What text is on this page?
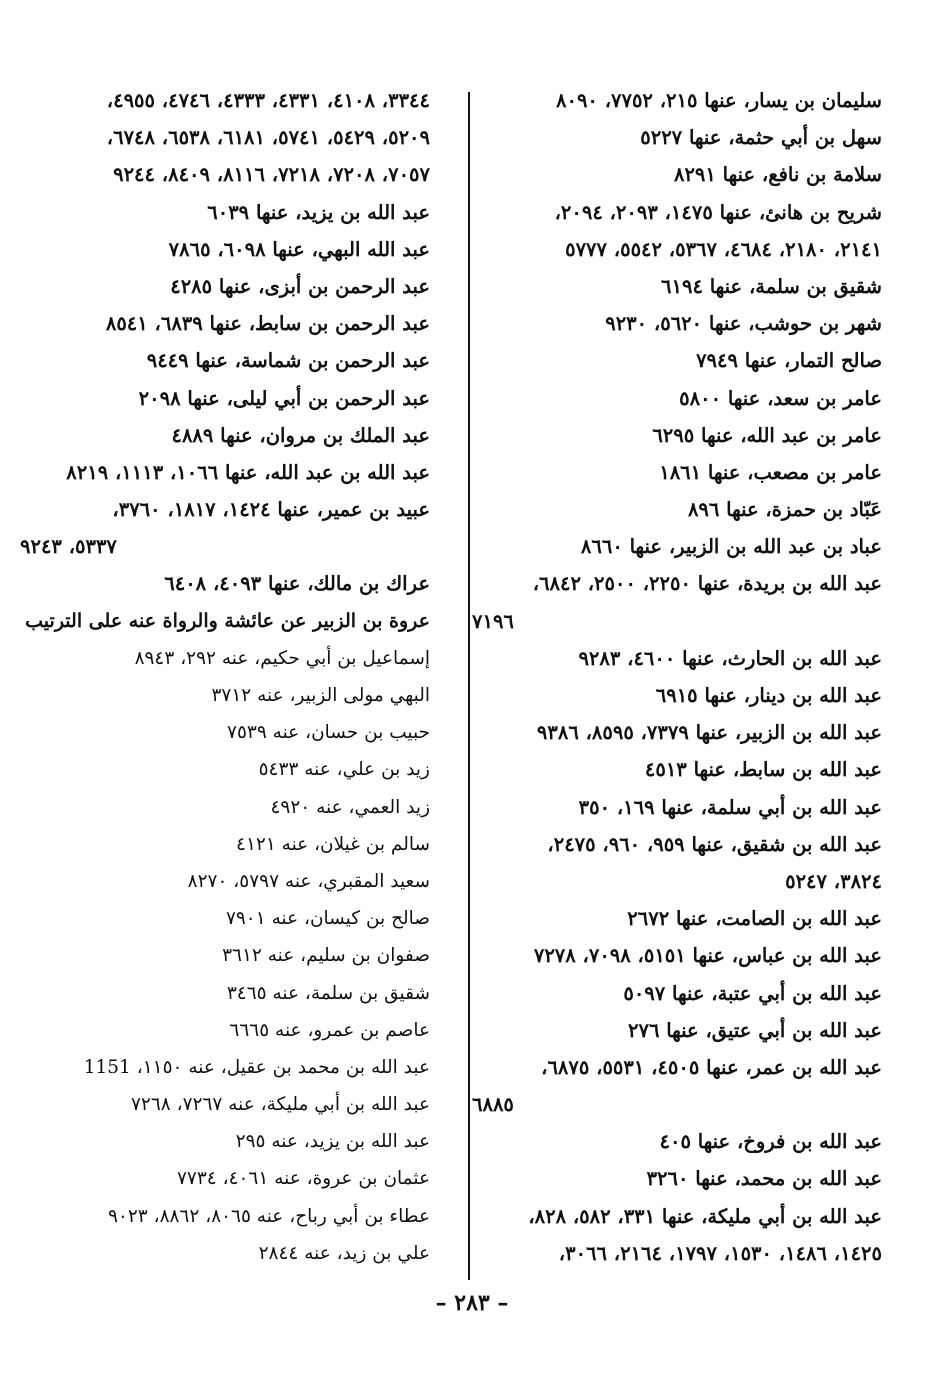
سليمان بن يسار، عنها ٢١٥، ٧٧٥٢، ٨٠٩٠
سهل بن أبي حثمة، عنها ٥٢٢٧
سلامة بن نافع، عنها ٨٢٩١
شريح بن هانئ، عنها ١٤٧٥، ٢٠٩٣، ٢٠٩٤،
٢١٤١، ٢١٨٠، ٤٦٨٤، ٥٣٦٧، ٥٥٤٢، ٥٧٧٧
شقيق بن سلمة، عنها ٦١٩٤
شهر بن حوشب، عنها ٥٦٢٠، ٩٢٣٠
صالح التمار، عنها ٧٩٤٩
عامر بن سعد، عنها ٥٨٠٠
عامر بن عبد الله، عنها ٦٢٩٥
عامر بن مصعب، عنها ١٨٦١
عَبّاد بن حمزة، عنها ٨٩٦
عباد بن عبد الله بن الزبير، عنها ٨٦٦٠
عبد الله بن بريدة، عنها ٢٢٥٠، ٢٥٠٠، ٦٨٤٢،
٧١٩٦
عبد الله بن الحارث، عنها ٤٦٠٠، ٩٢٨٣
عبد الله بن دينار، عنها ٦٩١٥
عبد الله بن الزبير، عنها ٧٣٧٩، ٨٥٩٥، ٩٣٨٦
عبد الله بن سابط، عنها ٤٥١٣
عبد الله بن أبي سلمة، عنها ١٦٩، ٣٥٠
عبد الله بن شقيق، عنها ٩٥٩، ٩٦٠، ٢٤٧٥،
٣٨٢٤، ٥٢٤٧
عبد الله بن الصامت، عنها ٢٦٧٢
عبد الله بن عباس، عنها ٥١٥١، ٧٠٩٨، ٧٢٧٨
عبد الله بن أبي عتبة، عنها ٥٠٩٧
عبد الله بن أبي عتيق، عنها ٢٧٦
عبد الله بن عمر، عنها ٤٥٠٥، ٥٥٣١، ٦٨٧٥،
٦٨٨٥
عبد الله بن فروخ، عنها ٤٠٥
عبد الله بن محمد، عنها ٣٢٦٠
عبد الله بن أبي مليكة، عنها ٣٣١، ٥٨٢، ٨٢٨،
١٤٢٥، ١٤٨٦، ١٥٣٠، ١٧٩٧، ٢١٦٤، ٣٠٦٦،
٣٣٤٤، ٤١٠٨، ٤٣٣١، ٤٣٣٣، ٤٧٤٦، ٤٩٥٥،
٥٢٠٩، ٥٤٢٩، ٥٧٤١، ٦١٨١، ٦٥٣٨، ٦٧٤٨،
٧٠٥٧، ٧٢٠٨، ٧٢١٨، ٨١١٦، ٨٤٠٩، ٩٢٤٤
عبد الله بن يزيد، عنها ٦٠٣٩
عبد الله البهي، عنها ٦٠٩٨، ٧٨٦٥
عبد الرحمن بن أبزى، عنها ٤٢٨٥
عبد الرحمن بن سابط، عنها ٦٨٣٩، ٨٥٤١
عبد الرحمن بن شماسة، عنها ٩٤٤٩
عبد الرحمن بن أبي ليلى، عنها ٢٠٩٨
عبد الملك بن مروان، عنها ٤٨٨٩
عبد الله بن عبد الله، عنها ١٠٦٦، ١١١٣، ٨٢١٩
عبيد بن عمير، عنها ١٤٢٤، ١٨١٧، ٣٧٦٠،
٥٣٣٧، ٩٢٤٣
عراك بن مالك، عنها ٤٠٩٣، ٦٤٠٨
عروة بن الزبير عن عائشة والرواة عنه على الترتيب
إسماعيل بن أبي حكيم، عنه ٢٩٢، ٨٩٤٣
البهي مولى الزبير، عنه ٣٧١٢
حبيب بن حسان، عنه ٧٥٣٩
زيد بن علي، عنه ٥٤٣٣
زيد العمي، عنه ٤٩٢٠
سالم بن غيلان، عنه ٤١٢١
سعيد المقبري، عنه ٥٧٩٧، ٨٢٧٠
صالح بن كيسان، عنه ٧٩٠١
صفوان بن سليم، عنه ٣٦١٢
شقيق بن سلمة، عنه ٣٤٦٥
عاصم بن عمرو، عنه ٦٦٦٥
عبد الله بن محمد بن عقيل، عنه ١١٥٠، 1151
عبد الله بن أبي مليكة، عنه ٧٢٦٧، ٧٢٦٨
عبد الله بن يزيد، عنه ٢٩٥
عثمان بن عروة، عنه ٤٠٦١، ٧٧٣٤
عطاء بن أبي رباح، عنه ٨٠٦٥، ٨٨٦٢، ٩٠٢٣
علي بن زيد، عنه ٢٨٤٤
– ٢٨٣ –
